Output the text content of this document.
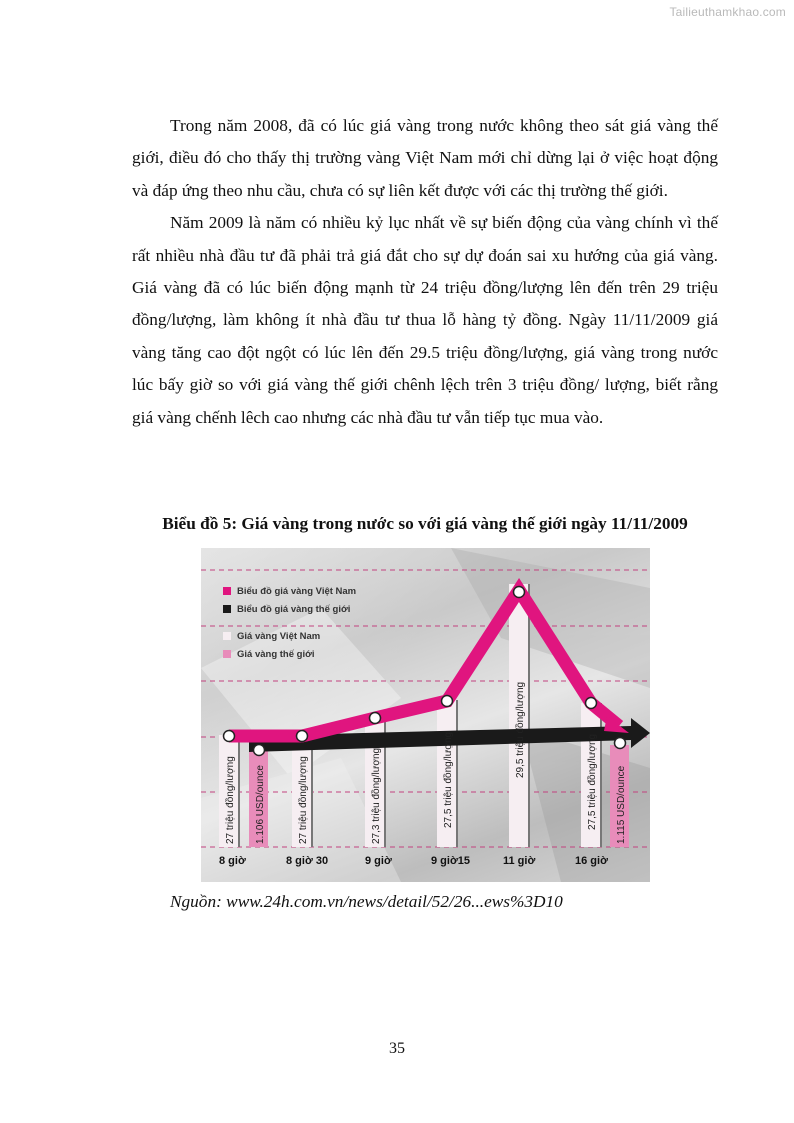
Tailieuthamkhao.com

Trong năm 2008, đã có lúc giá vàng trong nước không theo sát giá vàng thế giới, điều đó cho thấy thị trường vàng Việt Nam mới chỉ dừng lại ở việc hoạt động và đáp ứng theo nhu cầu, chưa có sự liên kết được với các thị trường thế giới.

Năm 2009 là năm có nhiều kỷ lục nhất về sự biến động của vàng chính vì thế rất nhiều nhà đầu tư đã phải trả giá đắt cho sự dự đoán sai xu hướng của giá vàng. Giá vàng đã có lúc biến động mạnh từ 24 triệu đồng/lượng lên đến trên 29 triệu đồng/lượng, làm không ít nhà đầu tư thua lỗ hàng tỷ đồng. Ngày 11/11/2009 giá vàng tăng cao đột ngột có lúc lên đến 29.5 triệu đồng/lượng, giá vàng trong nước lúc bấy giờ so với giá vàng thế giới chênh lệch trên 3 triệu đồng/ lượng, biết rằng giá vàng chếnh lêch cao nhưng các nhà đầu tư vẫn tiếp tục mua vào.

Biểu đồ 5: Giá vàng trong nước so với giá vàng thế giới ngày 11/11/2009
27 triệu đồng/lượng 1.106 USD/ounce	27 triệu đồng/lượng	27,3 triệu đồng/lượng	27,5 triệu đồng/lượng
29,5 triệu đồng/lượng
27,5 triệu đồng/lượng 1.115 USD/ounce
8 giờ	8 giờ 30	9 giờ	9 giờ15	11 giờ	16 giờ
Biểu đồ giá vàng Việt Nam
Biểu đồ giá vàng thế giới
Giá vàng Việt Nam
Giá vàng thế giới
Nguồn: www.24h.com.vn/news/detail/52/26...ews%3D10
35
